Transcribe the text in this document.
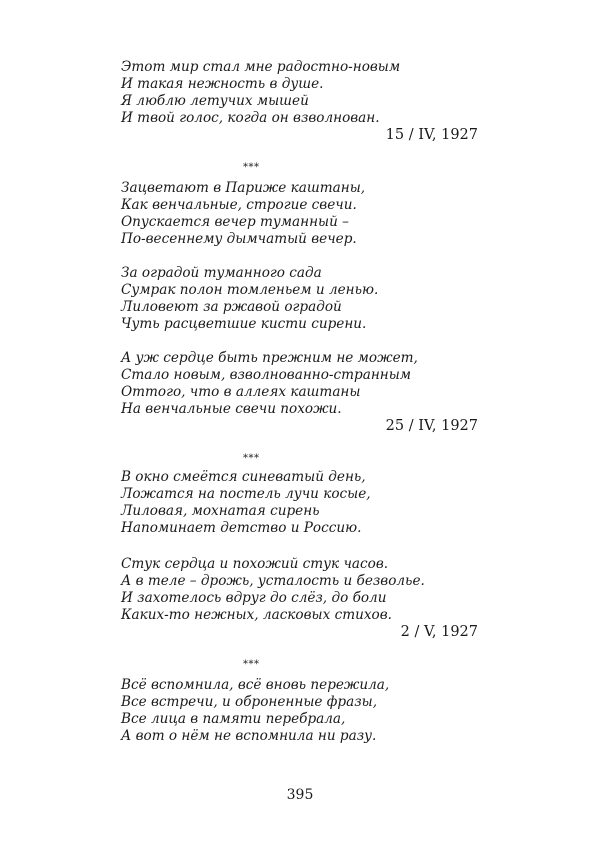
Этот мир стал мне радостно-новым
И такая нежность в душе.
Я люблю летучих мышей
И твой голос, когда он взволнован.
15 / IV, 1927
***
Зацветают в Париже каштаны,
Как венчальные, строгие свечи.
Опускается вечер туманный –
По-весеннему дымчатый вечер.
За оградой туманного сада
Сумрак полон томленьем и ленью.
Лиловеют за ржавой оградой
Чуть расцветшие кисти сирени.
А уж сердце быть прежним не может,
Стало новым, взволнованно-странным
Оттого, что в аллеях каштаны
На венчальные свечи похожи.
25 / IV, 1927
***
В окно смеётся синеватый день,
Ложатся на постель лучи косые,
Лиловая, мохнатая сирень
Напоминает детство и Россию.
Стук сердца и похожий стук часов.
А в теле – дрожь, усталость и безволье.
И захотелось вдруг до слёз, до боли
Каких-то нежных, ласковых стихов.
2 / V, 1927
***
Всё вспомнила, всё вновь пережила,
Все встречи, и оброненные фразы,
Все лица в памяти перебрала,
А вот о нём не вспомнила ни разу.
395
